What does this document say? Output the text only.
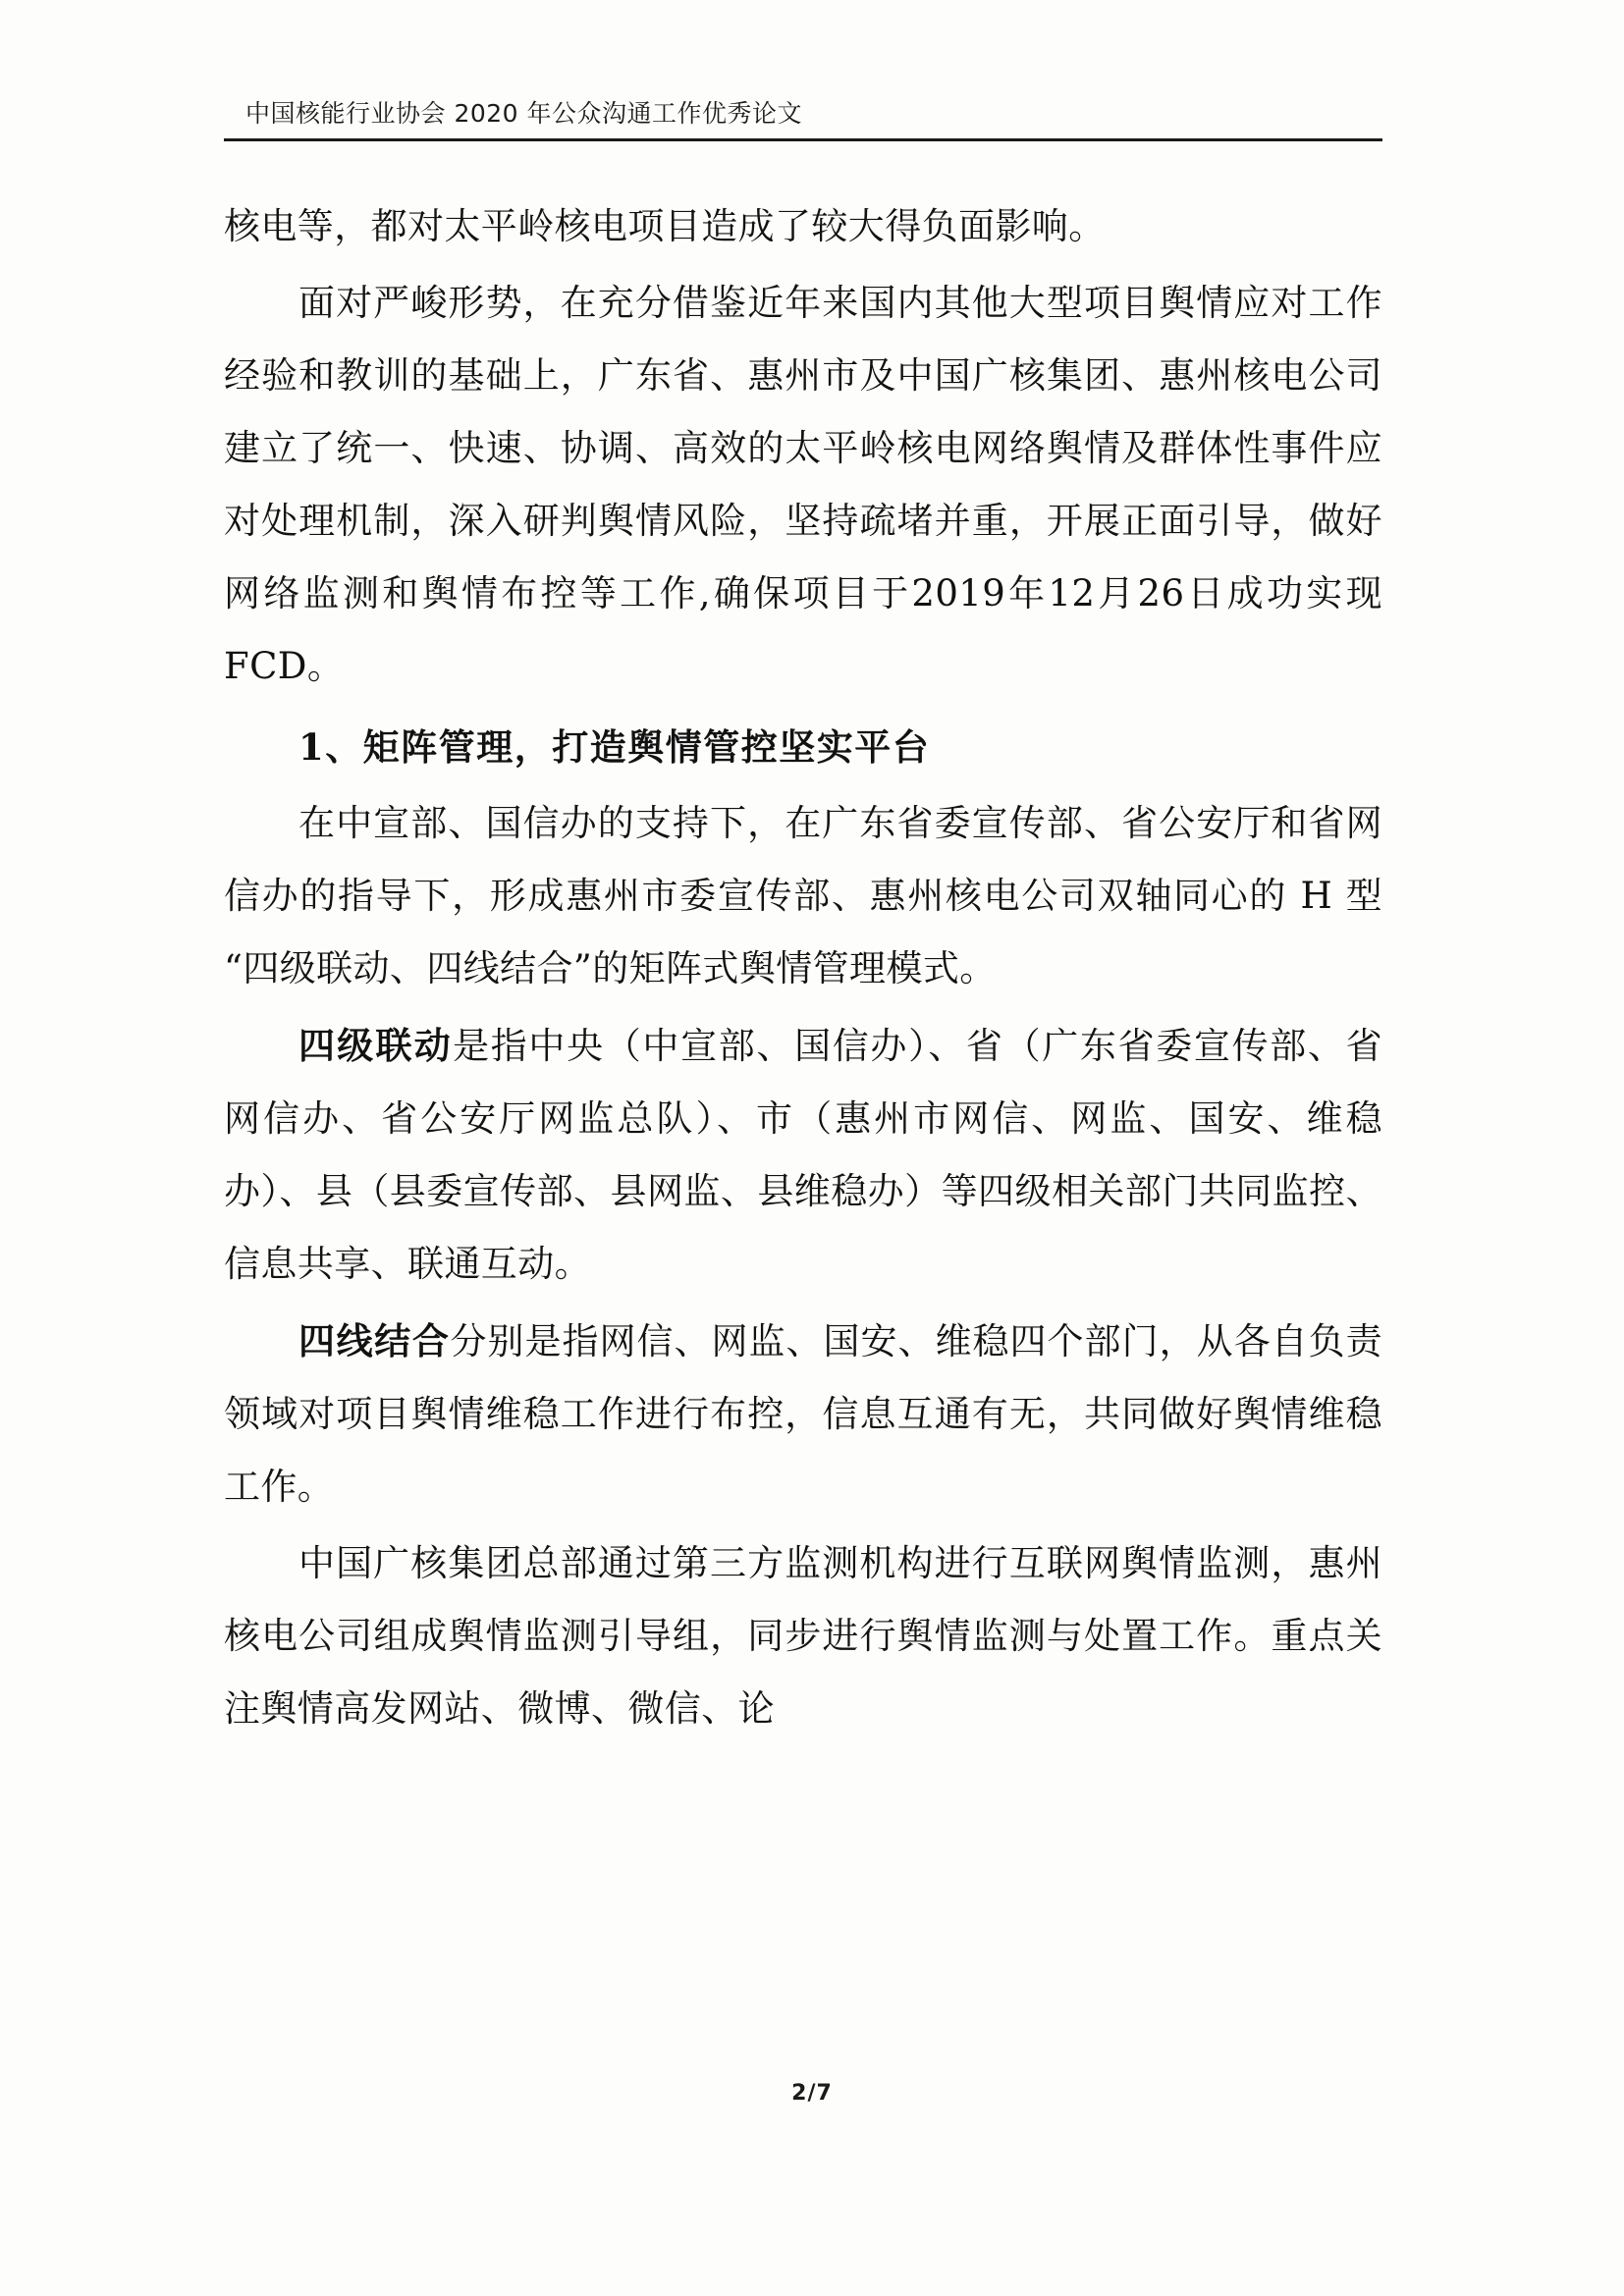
中国核能行业协会 2020 年公众沟通工作优秀论文

核电等，都对太平岭核电项目造成了较大得负面影响。

面对严峻形势，在充分借鉴近年来国内其他大型项目舆情应对工作经验和教训的基础上，广东省、惠州市及中国广核集团、惠州核电公司建立了统一、快速、协调、高效的太平岭核电网络舆情及群体性事件应对处理机制，深入研判舆情风险，坚持疏堵并重，开展正面引导，做好网络监测和舆情布控等工作,确保项目于2019年12月26日成功实现FCD。

1、矩阵管理，打造舆情管控坚实平台

在中宣部、国信办的支持下，在广东省委宣传部、省公安厅和省网信办的指导下，形成惠州市委宣传部、惠州核电公司双轴同心的 H 型“四级联动、四线结合”的矩阵式舆情管理模式。

四级联动是指中央（中宣部、国信办）、省（广东省委宣传部、省网信办、省公安厅网监总队）、市（惠州市网信、网监、国安、维稳办）、县（县委宣传部、县网监、县维稳办）等四级相关部门共同监控、信息共享、联通互动。

四线结合分别是指网信、网监、国安、维稳四个部门，从各自负责领域对项目舆情维稳工作进行布控，信息互通有无，共同做好舆情维稳工作。

中国广核集团总部通过第三方监测机构进行互联网舆情监测，惠州核电公司组成舆情监测引导组，同步进行舆情监测与处置工作。重点关注舆情高发网站、微博、微信、论

2/7
